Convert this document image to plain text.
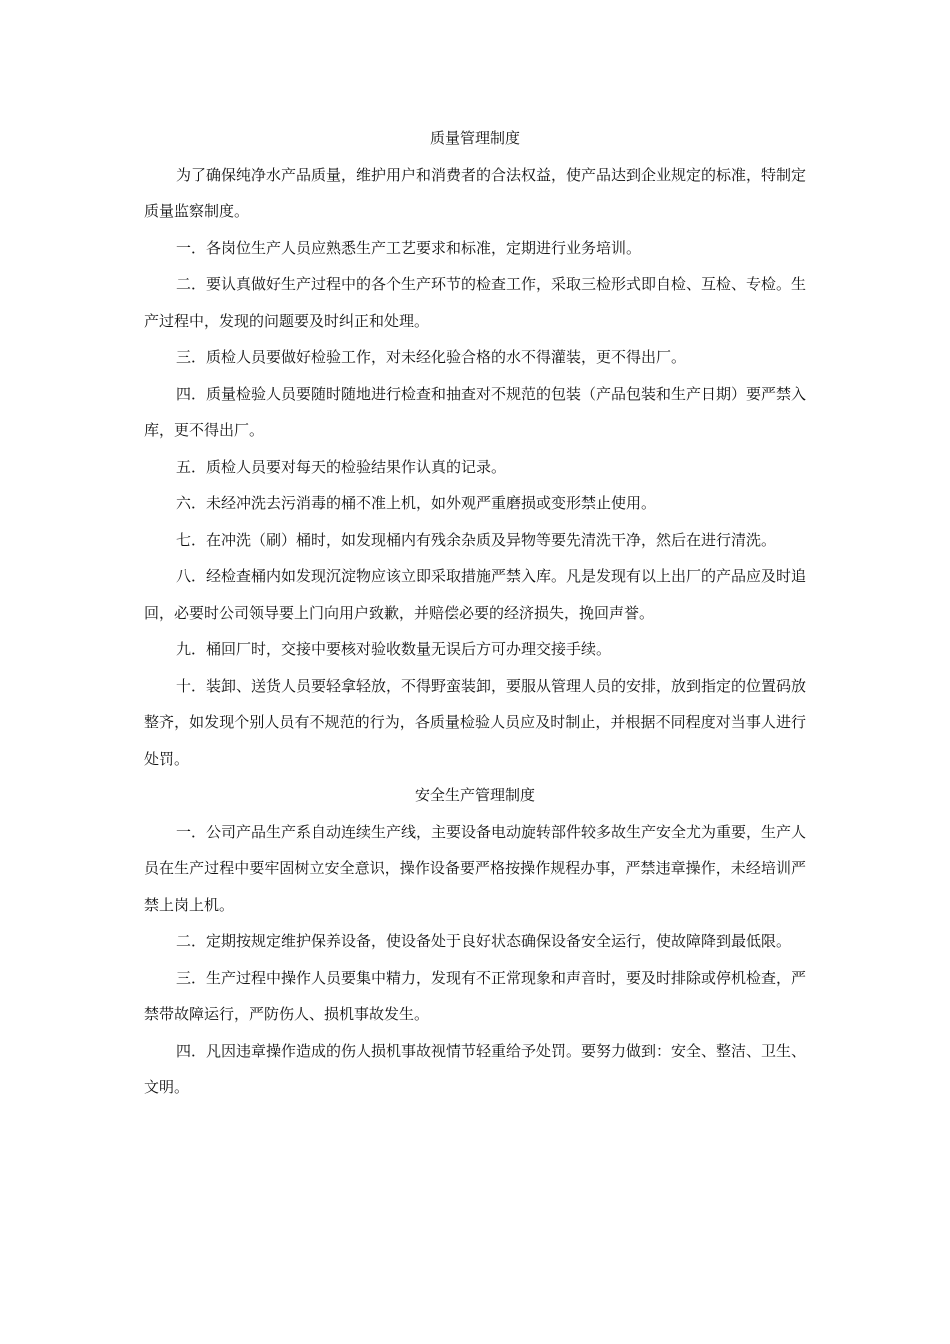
质量管理制度

为了确保纯净水产品质量，维护用户和消费者的合法权益，使产品达到企业规定的标准，特制定质量监察制度。

一．各岗位生产人员应熟悉生产工艺要求和标准，定期进行业务培训。

二．要认真做好生产过程中的各个生产环节的检查工作，采取三检形式即自检、互检、专检。生产过程中，发现的问题要及时纠正和处理。

三．质检人员要做好检验工作，对未经化验合格的水不得灌装，更不得出厂。

四．质量检验人员要随时随地进行检查和抽查对不规范的包装（产品包装和生产日期）要严禁入库，更不得出厂。

五．质检人员要对每天的检验结果作认真的记录。

六．未经冲洗去污消毒的桶不准上机，如外观严重磨损或变形禁止使用。

七．在冲洗（刷）桶时，如发现桶内有残余杂质及异物等要先清洗干净，然后在进行清洗。

八．经检查桶内如发现沉淀物应该立即采取措施严禁入库。凡是发现有以上出厂的产品应及时追回，必要时公司领导要上门向用户致歉，并赔偿必要的经济损失，挽回声誉。

九．桶回厂时，交接中要核对验收数量无误后方可办理交接手续。

十．装卸、送货人员要轻拿轻放，不得野蛮装卸，要服从管理人员的安排，放到指定的位置码放整齐，如发现个别人员有不规范的行为，各质量检验人员应及时制止，并根据不同程度对当事人进行处罚。

安全生产管理制度

一．公司产品生产系自动连续生产线，主要设备电动旋转部件较多故生产安全尤为重要，生产人员在生产过程中要牢固树立安全意识，操作设备要严格按操作规程办事，严禁违章操作，未经培训严禁上岗上机。

二．定期按规定维护保养设备，使设备处于良好状态确保设备安全运行，使故障降到最低限。

三．生产过程中操作人员要集中精力，发现有不正常现象和声音时，要及时排除或停机检查，严禁带故障运行，严防伤人、损机事故发生。

四．凡因违章操作造成的伤人损机事故视情节轻重给予处罚。要努力做到：安全、整洁、卫生、文明。
